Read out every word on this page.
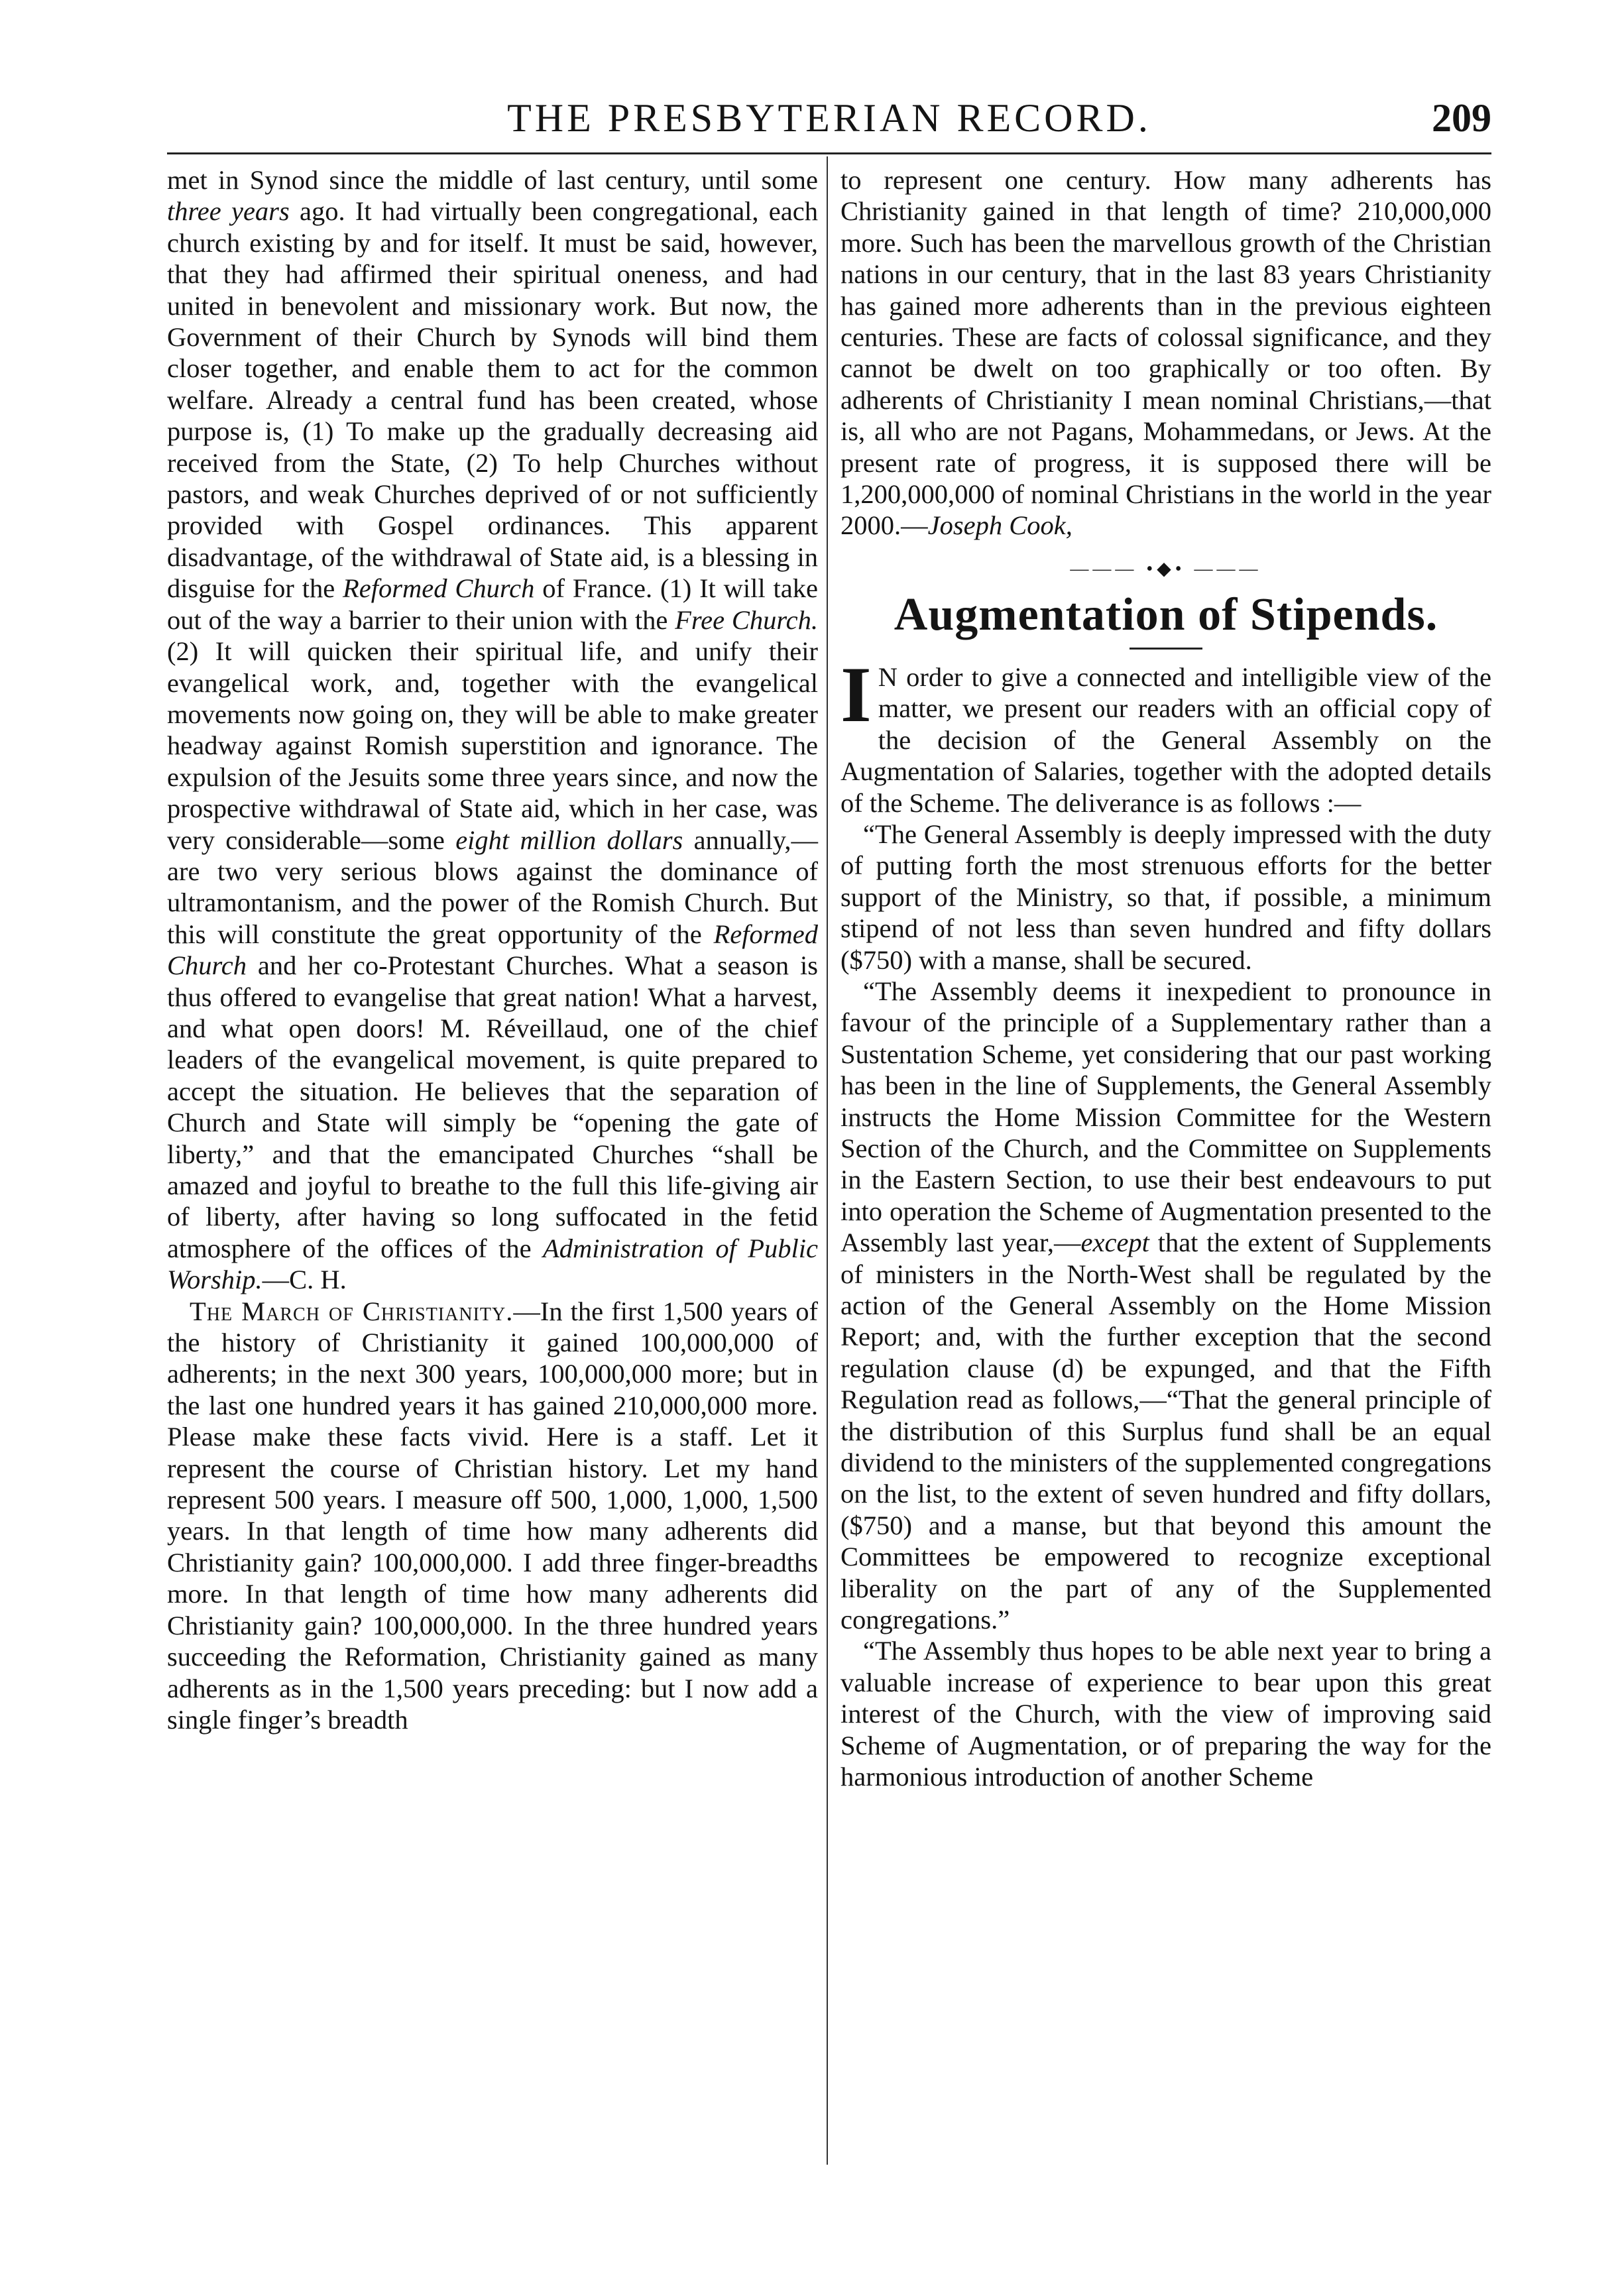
THE PRESBYTERIAN RECORD.	209

met in Synod since the middle of last century, until some three years ago. It had virtually been congregational, each church existing by and for itself. It must be said, however, that they had affirmed their spiritual oneness, and had united in benevolent and missionary work. But now, the Government of their Church by Synods will bind them closer together, and enable them to act for the common welfare. Already a central fund has been created, whose purpose is, (1) To make up the gradually decreasing aid received from the State, (2) To help Churches without pastors, and weak Churches deprived of or not sufficiently provided with Gospel ordinances. This apparent disadvantage, of the withdrawal of State aid, is a blessing in disguise for the Reformed Church of France. (1) It will take out of the way a barrier to their union with the Free Church. (2) It will quicken their spiritual life, and unify their evangelical work, and, together with the evangelical movements now going on, they will be able to make greater headway against Romish superstition and ignorance. The expulsion of the Jesuits some three years since, and now the prospective withdrawal of State aid, which in her case, was very considerable—some eight million dollars annually,—are two very serious blows against the dominance of ultramontanism, and the power of the Romish Church. But this will constitute the great opportunity of the Reformed Church and her co-Protestant Churches. What a season is thus offered to evangelise that great nation! What a harvest, and what open doors! M. Réveillaud, one of the chief leaders of the evangelical movement, is quite prepared to accept the situation. He believes that the separation of Church and State will simply be “opening the gate of liberty,” and that the emancipated Churches “shall be amazed and joyful to breathe to the full this life-giving air of liberty, after having so long suffocated in the fetid atmosphere of the offices of the Administration of Public Worship.—C. H.

The March of Christianity.—In the first 1,500 years of the history of Christianity it gained 100,000,000 of adherents; in the next 300 years, 100,000,000 more; but in the last one hundred years it has gained 210,000,000 more. Please make these facts vivid. Here is a staff. Let it represent the course of Christian history. Let my hand represent 500 years. I measure off 500, 1,000, 1,000, 1,500 years. In that length of time how many adherents did Christianity gain? 100,000,000. I add three finger-breadths more. In that length of time how many adherents did Christianity gain? 100,000,000. In the three hundred years succeeding the Reformation, Christianity gained as many adherents as in the 1,500 years preceding: but I now add a single finger’s breadth

to represent one century. How many adherents has Christianity gained in that length of time? 210,000,000 more. Such has been the marvellous growth of the Christian nations in our century, that in the last 83 years Christianity has gained more adherents than in the previous eighteen centuries. These are facts of colossal significance, and they cannot be dwelt on too graphically or too often. By adherents of Christianity I mean nominal Christians,—that is, all who are not Pagans, Mohammedans, or Jews. At the present rate of progress, it is supposed there will be 1,200,000,000 of nominal Christians in the world in the year 2000.—Joseph Cook,

——— •◆• ———
Augmentation of Stipends.

I N order to give a connected and intelligible view of the matter, we present our readers with an official copy of the decision of the General Assembly on the Augmentation of Salaries, together with the adopted details of the Scheme. The deliverance is as follows :—

“The General Assembly is deeply impressed with the duty of putting forth the most strenuous efforts for the better support of the Ministry, so that, if possible, a minimum stipend of not less than seven hundred and fifty dollars ($750) with a manse, shall be secured.

“The Assembly deems it inexpedient to pronounce in favour of the principle of a Supplementary rather than a Sustentation Scheme, yet considering that our past working has been in the line of Supplements, the General Assembly instructs the Home Mission Committee for the Western Section of the Church, and the Committee on Supplements in the Eastern Section, to use their best endeavours to put into operation the Scheme of Augmentation presented to the Assembly last year,—except that the extent of Supplements of ministers in the North-West shall be regulated by the action of the General Assembly on the Home Mission Report; and, with the further exception that the second regulation clause (d) be expunged, and that the Fifth Regulation read as follows,—“That the general principle of the distribution of this Surplus fund shall be an equal dividend to the ministers of the supplemented congregations on the list, to the extent of seven hundred and fifty dollars, ($750) and a manse, but that beyond this amount the Committees be empowered to recognize exceptional liberality on the part of any of the Supplemented congregations.”

“The Assembly thus hopes to be able next year to bring a valuable increase of experience to bear upon this great interest of the Church, with the view of improving said Scheme of Augmentation, or of preparing the way for the harmonious introduction of another Scheme
